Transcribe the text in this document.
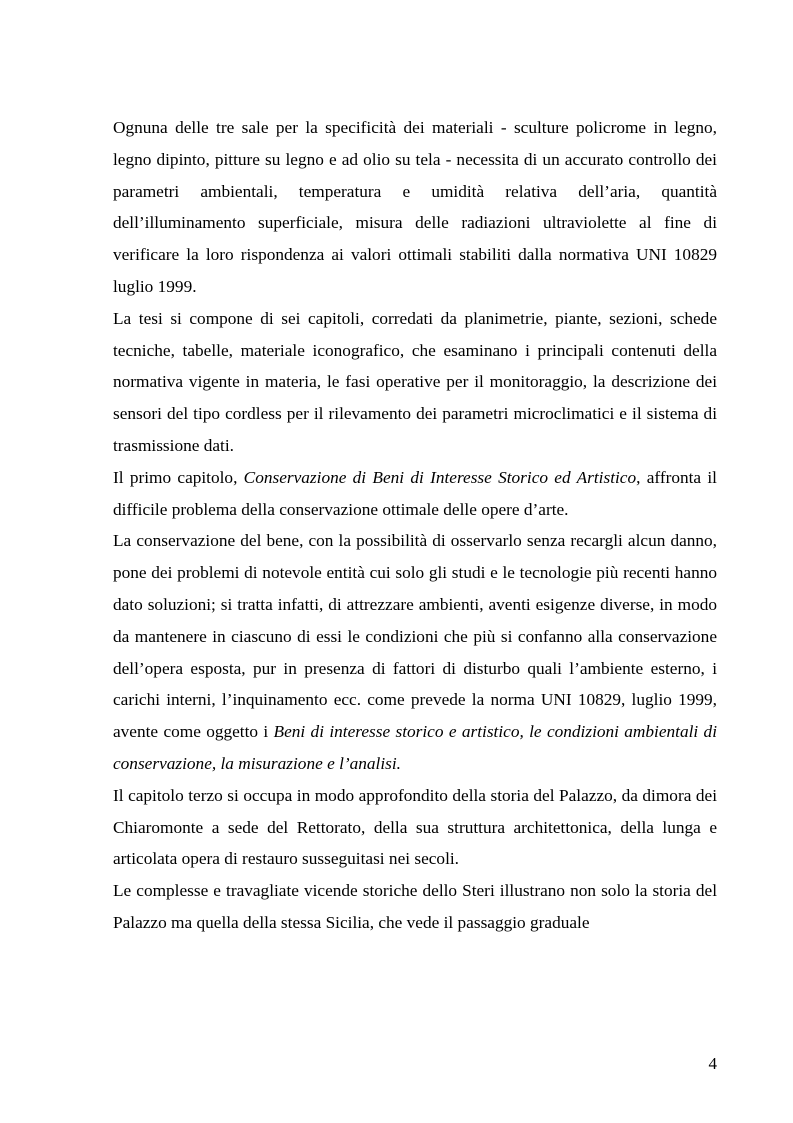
Ognuna delle tre sale per la specificità dei materiali - sculture policrome in legno, legno dipinto, pitture su legno e ad olio su tela - necessita di un accurato controllo dei parametri ambientali, temperatura e umidità relativa dell’aria, quantità dell’illuminamento superficiale, misura delle radiazioni ultraviolette al fine di verificare la loro rispondenza ai valori ottimali stabiliti dalla normativa UNI 10829 luglio 1999.

La tesi si compone di sei capitoli, corredati da planimetrie, piante, sezioni, schede tecniche, tabelle, materiale iconografico, che esaminano i principali contenuti della normativa vigente in materia, le fasi operative per il monitoraggio, la descrizione dei sensori del tipo cordless per il rilevamento dei parametri microclimatici e il sistema di trasmissione dati.

Il primo capitolo, Conservazione di Beni di Interesse Storico ed Artistico, affronta il difficile problema della conservazione ottimale delle opere d’arte.

La conservazione del bene, con la possibilità di osservarlo senza recargli alcun danno, pone dei problemi di notevole entità cui solo gli studi e le tecnologie più recenti hanno dato soluzioni; si tratta infatti, di attrezzare ambienti, aventi esigenze diverse, in modo da mantenere in ciascuno di essi le condizioni che più si confanno alla conservazione dell’opera esposta, pur in presenza di fattori di disturbo quali l’ambiente esterno, i carichi interni, l’inquinamento ecc. come prevede la norma UNI 10829, luglio 1999, avente come oggetto i Beni di interesse storico e artistico, le condizioni ambientali di conservazione, la misurazione e l’analisi.

Il capitolo terzo si occupa in modo approfondito della storia del Palazzo, da dimora dei Chiaromonte a sede del Rettorato, della sua struttura architettonica, della lunga e articolata opera di restauro susseguitasi nei secoli.

Le complesse e travagliate vicende storiche dello Steri illustrano non solo la storia del Palazzo ma quella della stessa Sicilia, che vede il passaggio graduale

4
